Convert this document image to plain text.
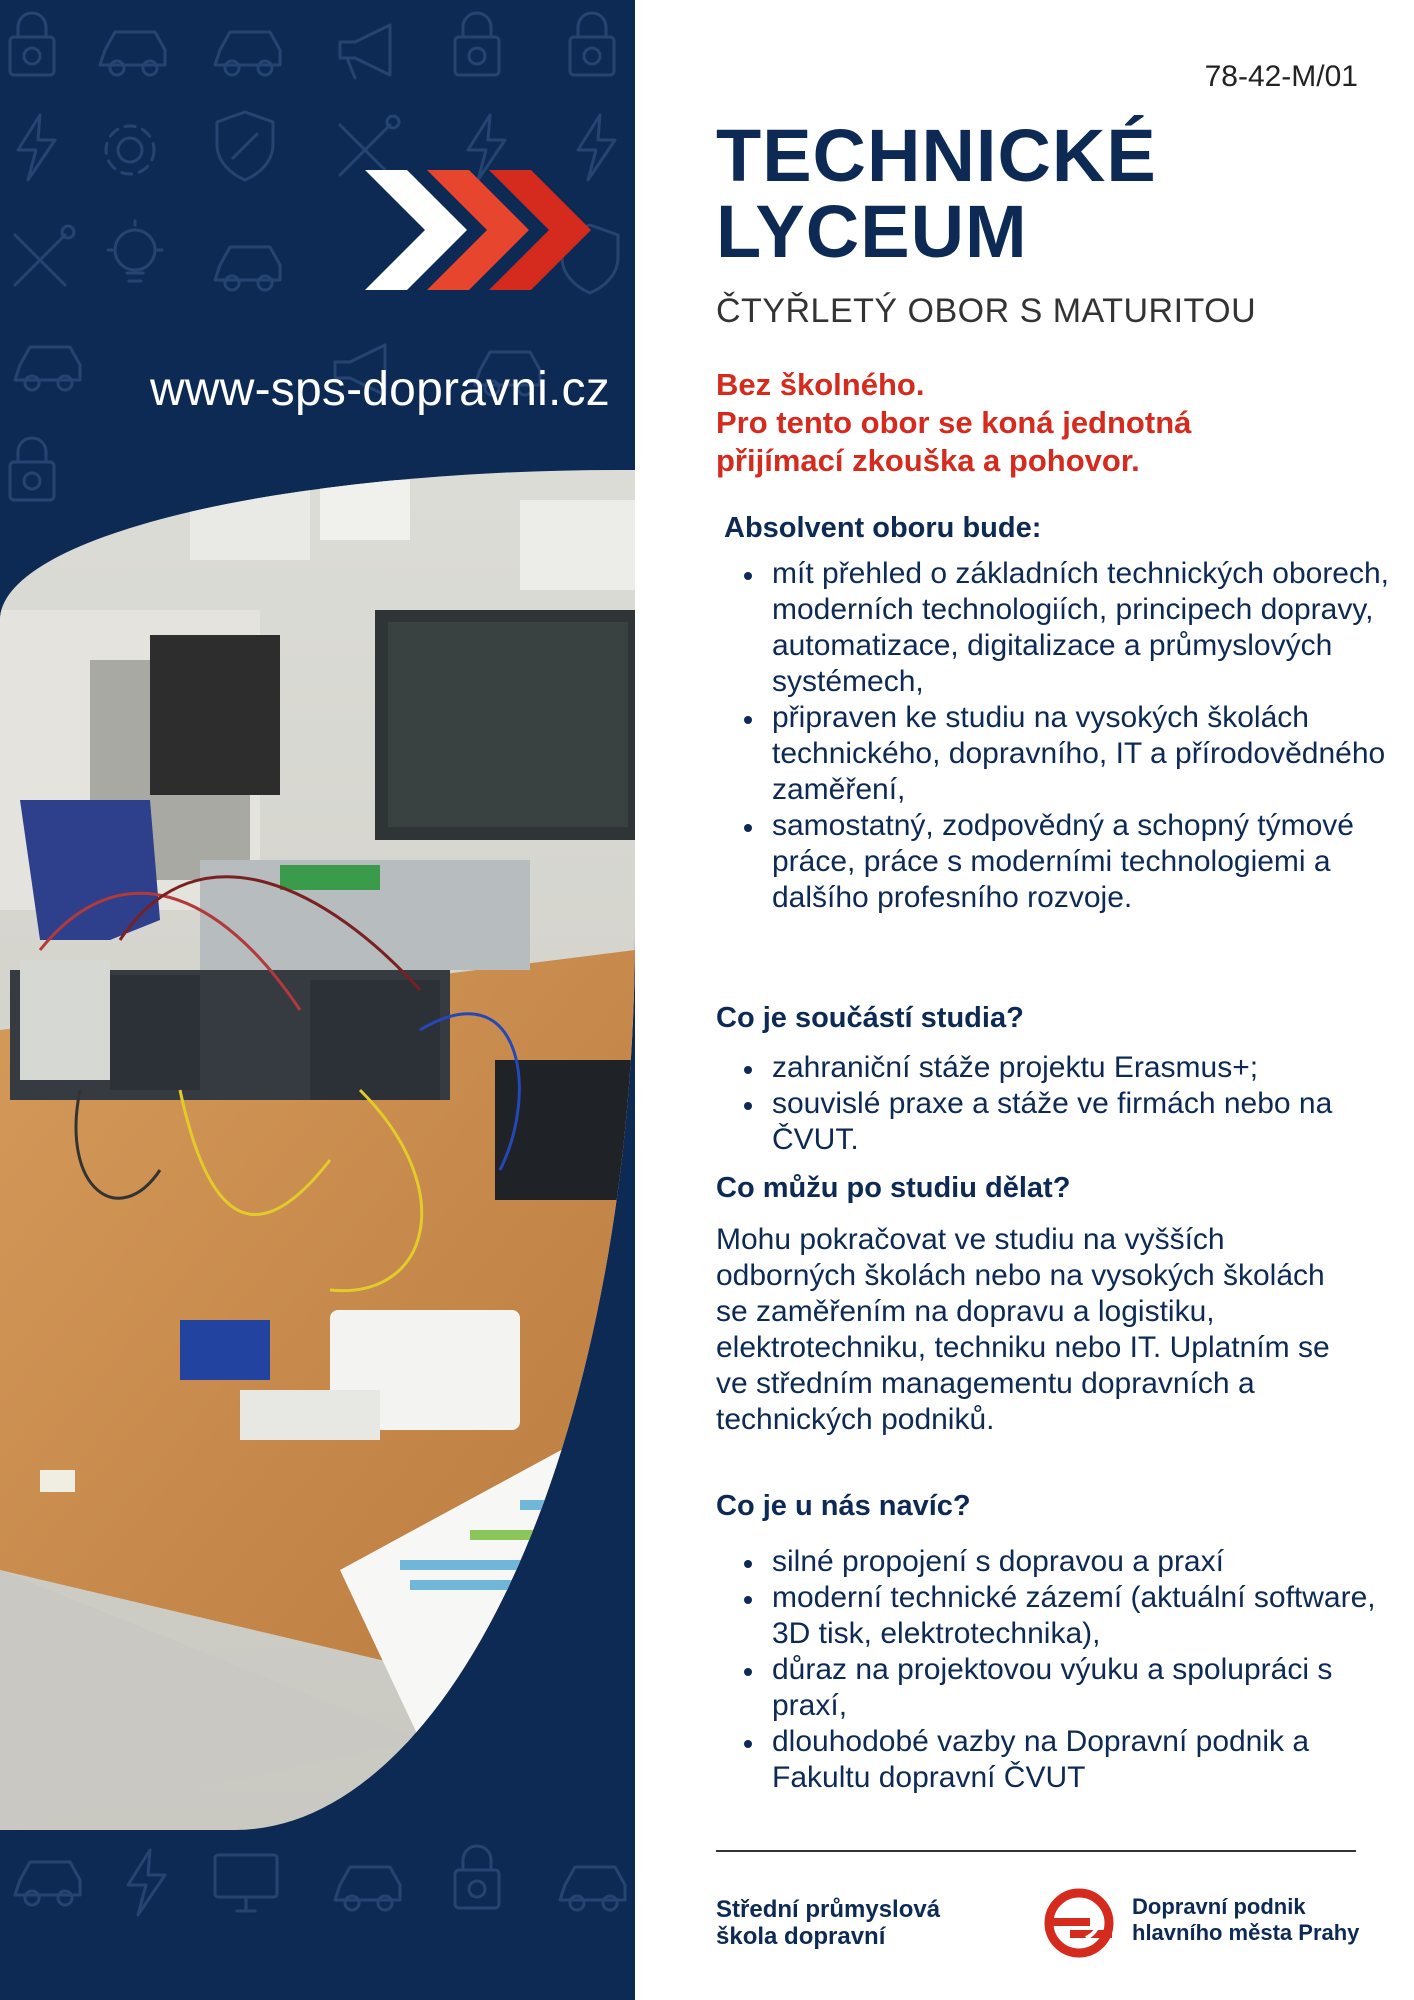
www-sps-dopravni.cz
78-42-M/01
TECHNICKÉ
LYCEUM
ČTYŘLETÝ OBOR S MATURITOU
Bez školného.
Pro tento obor se koná jednotná
přijímací zkouška a pohovor.
Absolvent oboru bude:
mít přehled o základních technických oborech, moderních technologiích, principech dopravy, automatizace, digitalizace a průmyslových systémech,
připraven ke studiu na vysokých školách technického, dopravního, IT a přírodovědného zaměření,
samostatný, zodpovědný a schopný týmové práce, práce s moderními technologiemi a dalšího profesního rozvoje.
Co je součástí studia?
zahraniční stáže projektu Erasmus+;
souvislé praxe a stáže ve firmách nebo na ČVUT.
Co můžu po studiu dělat?

Mohu pokračovat ve studiu na vyšších odborných školách nebo na vysokých školách se zaměřením na dopravu a logistiku, elektrotechniku, techniku nebo IT. Uplatním se ve středním managementu dopravních a technických podniků.

Co je u nás navíc?
silné propojení s dopravou a praxí
moderní technické zázemí (aktuální software, 3D tisk, elektrotechnika),
důraz na projektovou výuku a spolupráci s praxí,
dlouhodobé vazby na Dopravní podnik a Fakultu dopravní ČVUT
Střední průmyslová
škola dopravní
Dopravní podnik
hlavního města Prahy
